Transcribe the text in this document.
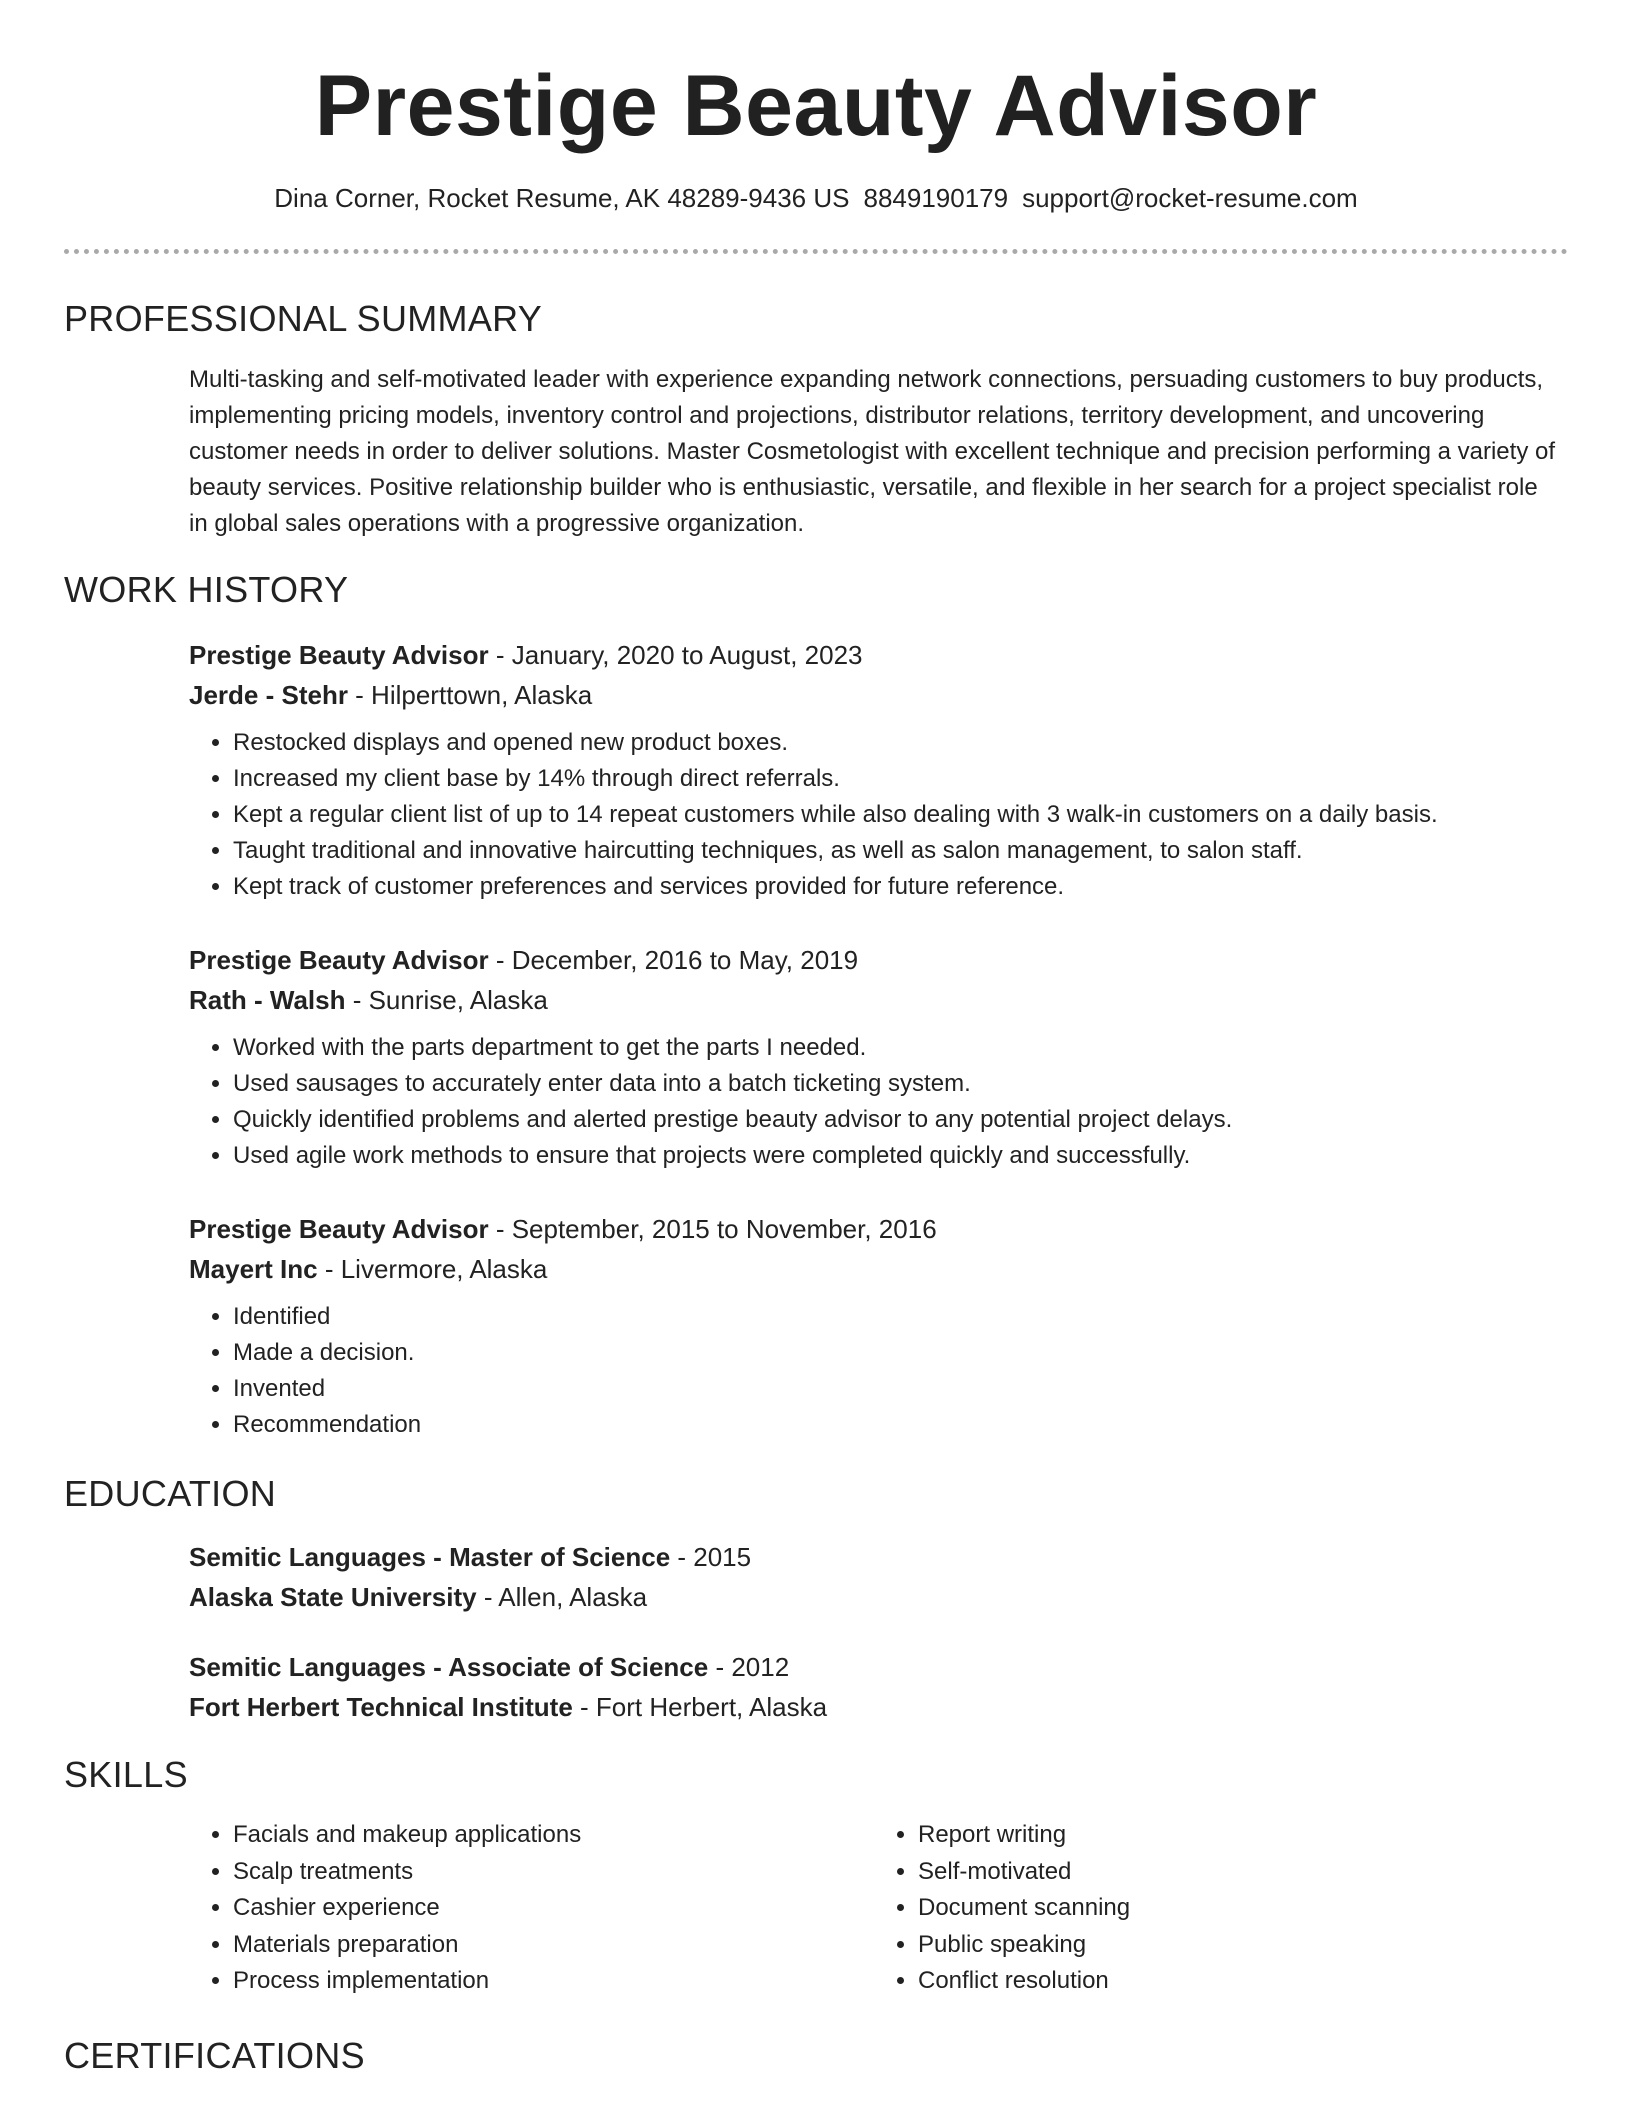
Prestige Beauty Advisor
Dina Corner, Rocket Resume, AK 48289-9436 US 8849190179 support@rocket-resume.com
PROFESSIONAL SUMMARY

Multi-tasking and self-motivated leader with experience expanding network connections, persuading customers to buy products, implementing pricing models, inventory control and projections, distributor relations, territory development, and uncovering customer needs in order to deliver solutions. Master Cosmetologist with excellent technique and precision performing a variety of beauty services. Positive relationship builder who is enthusiastic, versatile, and flexible in her search for a project specialist role in global sales operations with a progressive organization.

WORK HISTORY
Prestige Beauty Advisor - January, 2020 to August, 2023
Jerde - Stehr - Hilperttown, Alaska
• Restocked displays and opened new product boxes.
• Increased my client base by 14% through direct referrals.
• Kept a regular client list of up to 14 repeat customers while also dealing with 3 walk-in customers on a daily basis.
• Taught traditional and innovative haircutting techniques, as well as salon management, to salon staff.
• Kept track of customer preferences and services provided for future reference.
Prestige Beauty Advisor - December, 2016 to May, 2019
Rath - Walsh - Sunrise, Alaska
• Worked with the parts department to get the parts I needed.
• Used sausages to accurately enter data into a batch ticketing system.
• Quickly identified problems and alerted prestige beauty advisor to any potential project delays.
• Used agile work methods to ensure that projects were completed quickly and successfully.
Prestige Beauty Advisor - September, 2015 to November, 2016
Mayert Inc - Livermore, Alaska
• Identified
• Made a decision.
• Invented
• Recommendation
EDUCATION
Semitic Languages - Master of Science - 2015
Alaska State University - Allen, Alaska
Semitic Languages - Associate of Science - 2012
Fort Herbert Technical Institute - Fort Herbert, Alaska
SKILLS
• Facials and makeup applications
• Scalp treatments
• Cashier experience
• Materials preparation
• Process implementation
• Report writing
• Self-motivated
• Document scanning
• Public speaking
• Conflict resolution
CERTIFICATIONS
